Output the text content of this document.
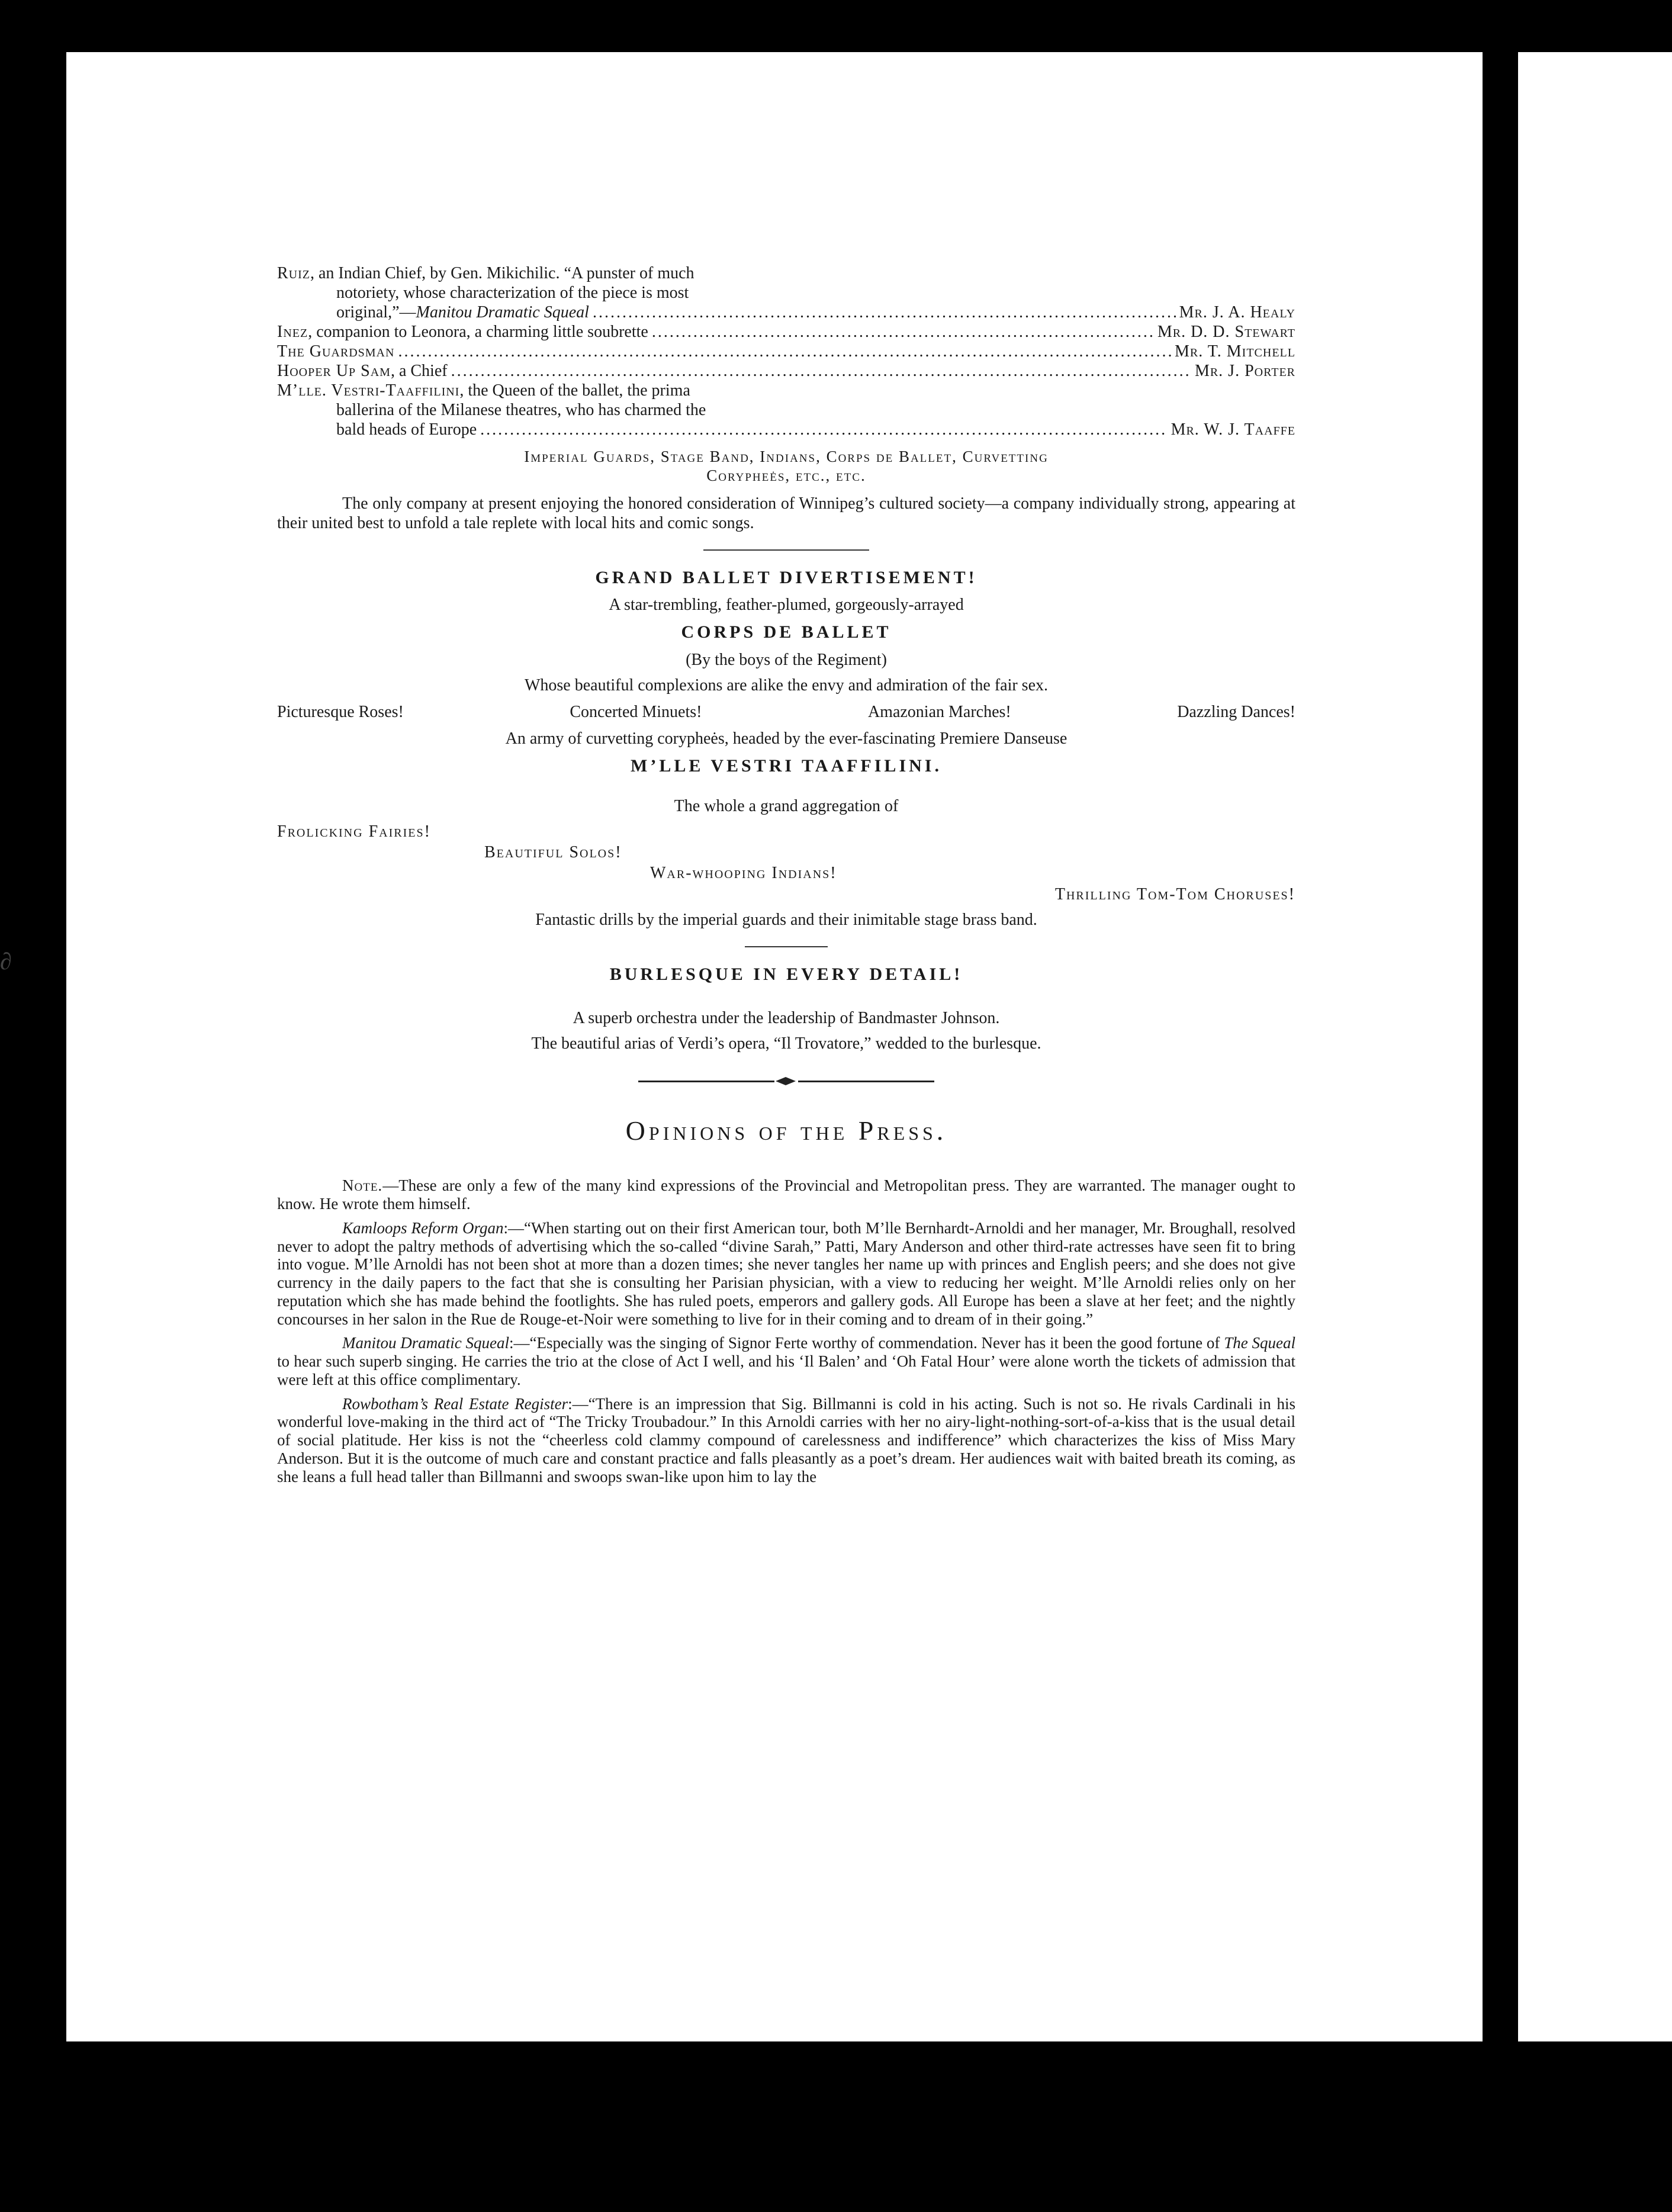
∂
Ruiz, an Indian Chief, by Gen. Mikichilic. “A punster of much
notoriety, whose characterization of the piece is most
original,”—Manitou Dramatic Squeal .....	Mr. J. A. Healy
Inez, companion to Leonora, a charming little soubrette .....	Mr. D. D. Stewart
The Guardsman .....	Mr. T. Mitchell
Hooper Up Sam, a Chief .....	Mr. J. Porter
M’lle. Vestri-Taaffilini, the Queen of the ballet, the prima
ballerina of the Milanese theatres, who has charmed the
bald heads of Europe .....	Mr. W. J. Taaffe
Imperial Guards, Stage Band, Indians, Corps de Ballet, Curvetting
Corypheės, etc., etc.

The only company at present enjoying the honored consideration of Winnipeg’s cultured society—a company individually strong, appearing at their united best to unfold a tale replete with local hits and comic songs.

GRAND BALLET DIVERTISEMENT!
A star-trembling, feather-plumed, gorgeously-arrayed
CORPS DE BALLET
(By the boys of the Regiment)
Whose beautiful complexions are alike the envy and admiration of the fair sex.
Picturesque Roses!	Concerted Minuets!	Amazonian Marches!	Dazzling Dances!
An army of curvetting corypheės, headed by the ever-fascinating Premiere Danseuse
M’LLE VESTRI TAAFFILINI.
The whole a grand aggregation of
Frolicking Fairies!
Beautiful Solos!
War-whooping Indians!
Thrilling Tom-Tom Choruses!
Fantastic drills by the imperial guards and their inimitable stage brass band.
BURLESQUE IN EVERY DETAIL!
A superb orchestra under the leadership of Bandmaster Johnson.
The beautiful arias of Verdi’s opera, “Il Trovatore,” wedded to the burlesque.
Opinions of the Press.

Note.—These are only a few of the many kind expressions of the Provincial and Metropolitan press. They are warranted. The manager ought to know. He wrote them himself.

Kamloops Reform Organ:—“When starting out on their first American tour, both M’lle Bernhardt-Arnoldi and her manager, Mr. Broughall, resolved never to adopt the paltry methods of advertising which the so-called “divine Sarah,” Patti, Mary Anderson and other third-rate actresses have seen fit to bring into vogue. M’lle Arnoldi has not been shot at more than a dozen times; she never tangles her name up with princes and English peers; and she does not give currency in the daily papers to the fact that she is consulting her Parisian physician, with a view to reducing her weight. M’lle Arnoldi relies only on her reputation which she has made behind the footlights. She has ruled poets, emperors and gallery gods. All Europe has been a slave at her feet; and the nightly concourses in her salon in the Rue de Rouge-et-Noir were something to live for in their coming and to dream of in their going.”

Manitou Dramatic Squeal:—“Especially was the singing of Signor Ferte worthy of commendation. Never has it been the good fortune of The Squeal to hear such superb singing. He carries the trio at the close of Act I well, and his ‘Il Balen’ and ‘Oh Fatal Hour’ were alone worth the tickets of admission that were left at this office complimentary.

Rowbotham’s Real Estate Register:—“There is an impression that Sig. Billmanni is cold in his acting. Such is not so. He rivals Cardinali in his wonderful love-making in the third act of “The Tricky Troubadour.” In this Arnoldi carries with her no airy-light-nothing-sort-of-a-kiss that is the usual detail of social platitude. Her kiss is not the “cheerless cold clammy compound of carelessness and indifference” which characterizes the kiss of Miss Mary Anderson. But it is the outcome of much care and constant practice and falls pleasantly as a poet’s dream. Her audiences wait with baited breath its coming, as she leans a full head taller than Billmanni and swoops swan-like upon him to lay the
